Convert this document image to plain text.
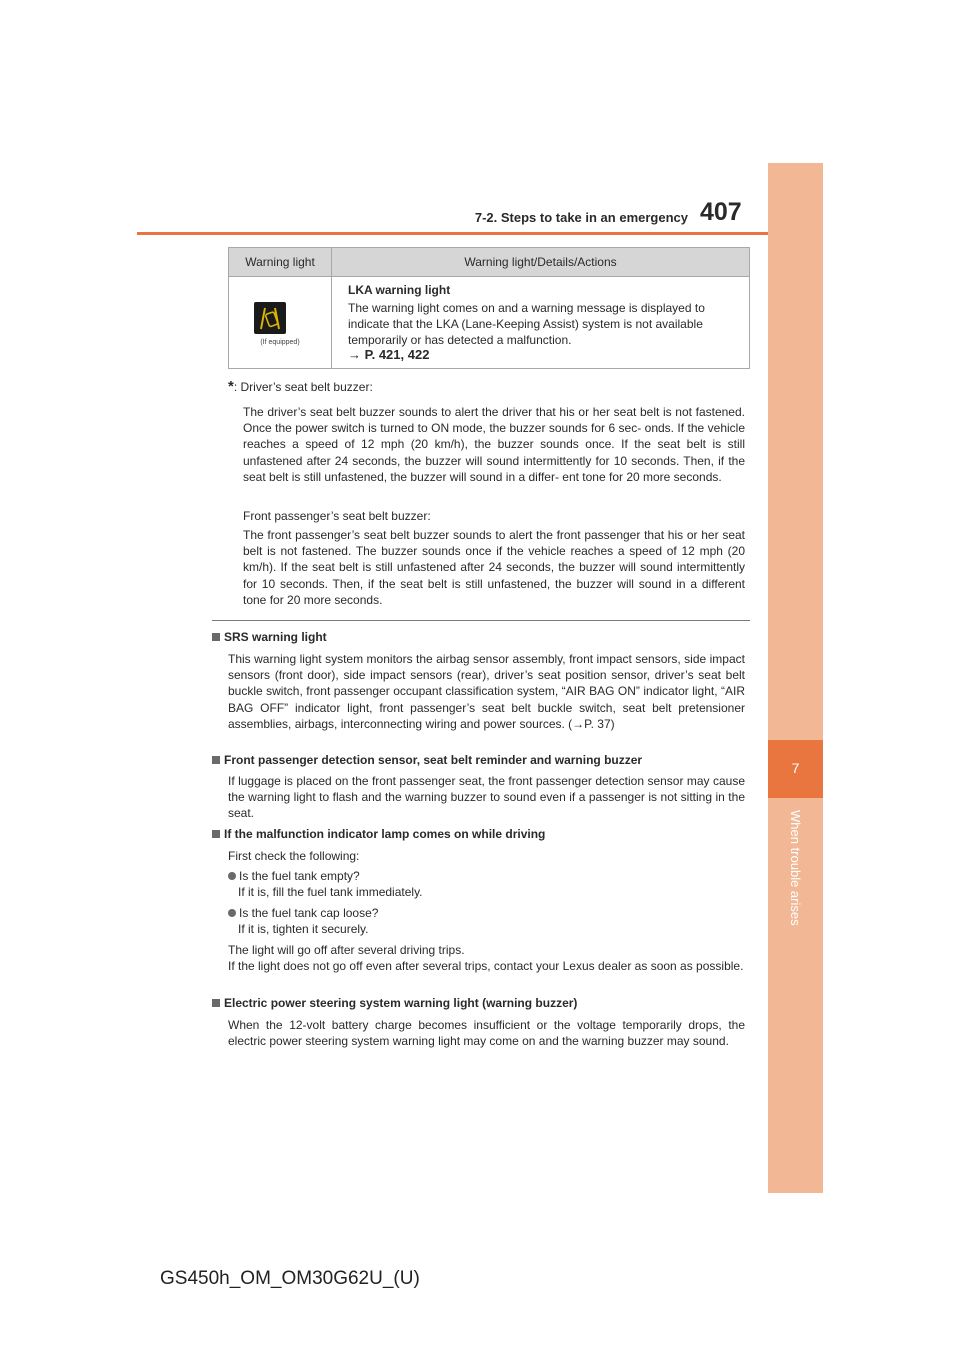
7-2. Steps to take in an emergency 407
7
When trouble arises
Warning light	Warning light/Details/Actions
(If equipped)
LKA warning light

The warning light comes on and a warning message is displayed to indicate that the LKA (Lane-Keeping Assist) system is not available temporarily or has detected a malfunction.

→ P. 421, 422
*: Driver’s seat belt buzzer:
The driver’s seat belt buzzer sounds to alert the driver that his or her seat belt is not fastened. Once the power switch is turned to ON mode, the buzzer sounds for 6 sec- onds. If the vehicle reaches a speed of 12 mph (20 km/h), the buzzer sounds once. If the seat belt is still unfastened after 24 seconds, the buzzer will sound intermittently for 10 seconds. Then, if the seat belt is still unfastened, the buzzer will sound in a differ- ent tone for 20 more seconds.
Front passenger’s seat belt buzzer:
The front passenger’s seat belt buzzer sounds to alert the front passenger that his or her seat belt is not fastened. The buzzer sounds once if the vehicle reaches a speed of 12 mph (20 km/h). If the seat belt is still unfastened after 24 seconds, the buzzer will sound intermittently for 10 seconds. Then, if the seat belt is still unfastened, the buzzer will sound in a different tone for 20 more seconds.
SRS warning light
This warning light system monitors the airbag sensor assembly, front impact sensors, side impact sensors (front door), side impact sensors (rear), driver’s seat position sensor, driver’s seat belt buckle switch, front passenger occupant classification system, “AIR BAG ON” indicator light, “AIR BAG OFF” indicator light, front passenger’s seat belt buckle switch, seat belt pretensioner assemblies, airbags, interconnecting wiring and power sources. (→P. 37)
Front passenger detection sensor, seat belt reminder and warning buzzer
If luggage is placed on the front passenger seat, the front passenger detection sensor may cause the warning light to flash and the warning buzzer to sound even if a passenger is not sitting in the seat.
If the malfunction indicator lamp comes on while driving
First check the following:
Is the fuel tank empty?
If it is, fill the fuel tank immediately.
Is the fuel tank cap loose?
If it is, tighten it securely.
The light will go off after several driving trips.
If the light does not go off even after several trips, contact your Lexus dealer as soon as possible.
Electric power steering system warning light (warning buzzer)
When the 12-volt battery charge becomes insufficient or the voltage temporarily drops, the electric power steering system warning light may come on and the warning buzzer may sound.
GS450h_OM_OM30G62U_(U)
